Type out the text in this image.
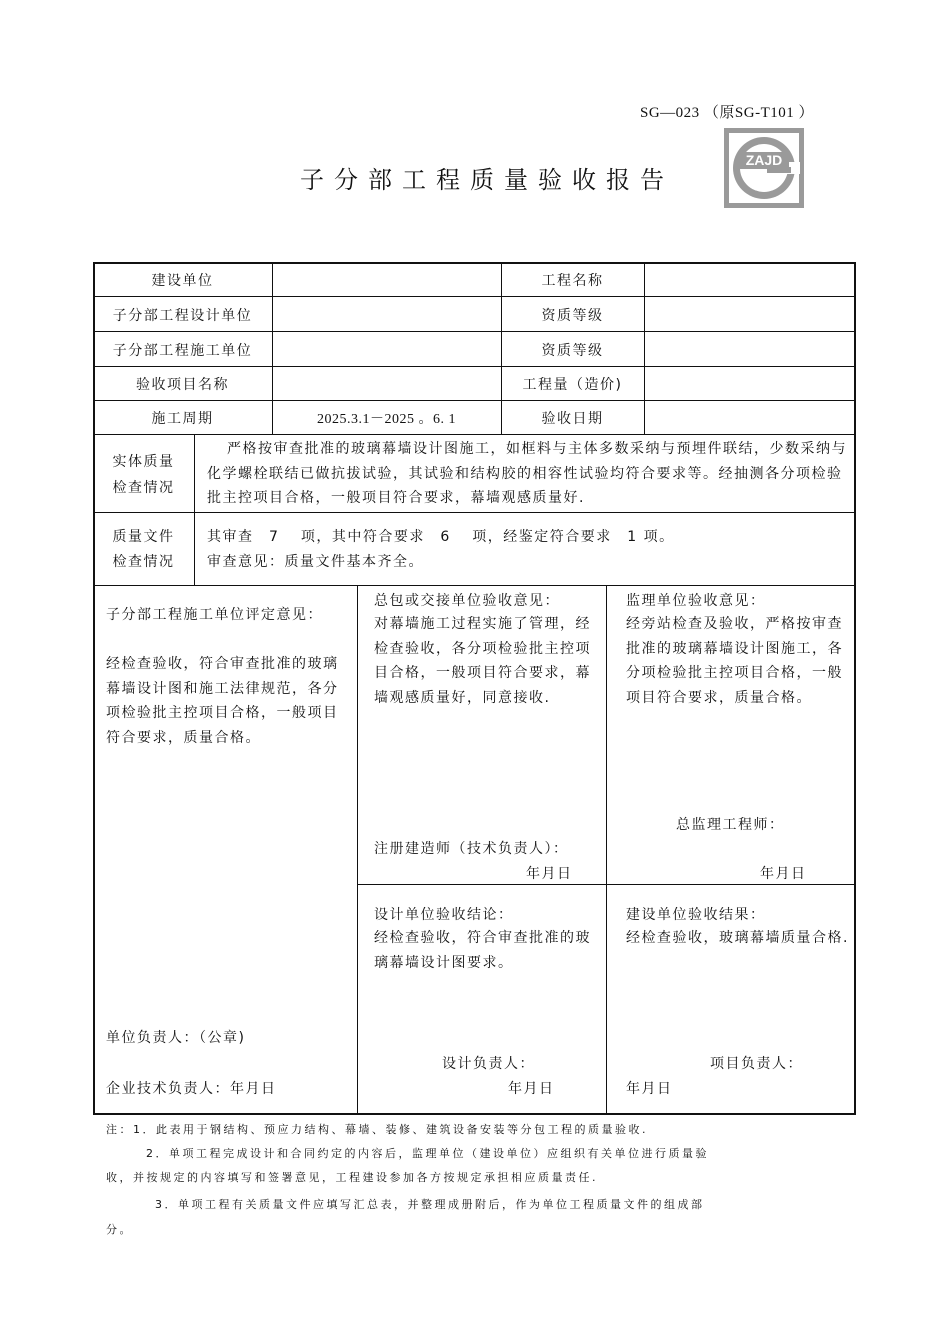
SG—023 （原SG-T101 ）
子分部工程质量验收报告
ZAJD
建设单位	工程名称
子分部工程设计单位	资质等级
子分部工程施工单位	资质等级
验收项目名称	工程量（造价)
施工周期	2025.3.1－2025 。6. 1	验收日期
实体质量
检查情况
严格按审查批准的玻璃幕墙设计图施工，如框料与主体多数采纳与预埋件联结，少数采纳与化学螺栓联结已做抗拔试验，其试验和结构胶的相容性试验均符合要求等。经抽测各分项检验批主控项目合格，一般项目符合要求，幕墙观感质量好.
质量文件
检查情况
其审查　7　 项，其中符合要求　6　 项，经鉴定符合要求　1 项。
审查意见：质量文件基本齐全。
子分部工程施工单位评定意见：
经检查验收，符合审查批准的玻璃幕墙设计图和施工法律规范，各分项检验批主控项目合格，一般项目符合要求，质量合格。
单位负责人：（公章)
企业技术负责人：年月日
总包或交接单位验收意见：
对幕墙施工过程实施了管理，经检查验收，各分项检验批主控项目合格，一般项目符合要求，幕墙观感质量好，同意接收.
注册建造师（技术负责人）：
年月日
监理单位验收意见：
经旁站检查及验收，严格按审查批准的玻璃幕墙设计图施工，各分项检验批主控项目合格，一般项目符合要求，质量合格。
总监理工程师：
年月日
设计单位验收结论：
经检查验收，符合审查批准的玻璃幕墙设计图要求。
设计负责人：
年月日
建设单位验收结果：
经检查验收，玻璃幕墙质量合格.
项目负责人：
年月日
注：1．此表用于钢结构、预应力结构、幕墙、装修、建筑设备安装等分包工程的质量验收.
2．单项工程完成设计和合同约定的内容后，监理单位（建设单位）应组织有关单位进行质量验
收，并按规定的内容填写和签署意见，工程建设参加各方按规定承担相应质量责任.
3．单项工程有关质量文件应填写汇总表，并整理成册附后，作为单位工程质量文件的组成部
分。
